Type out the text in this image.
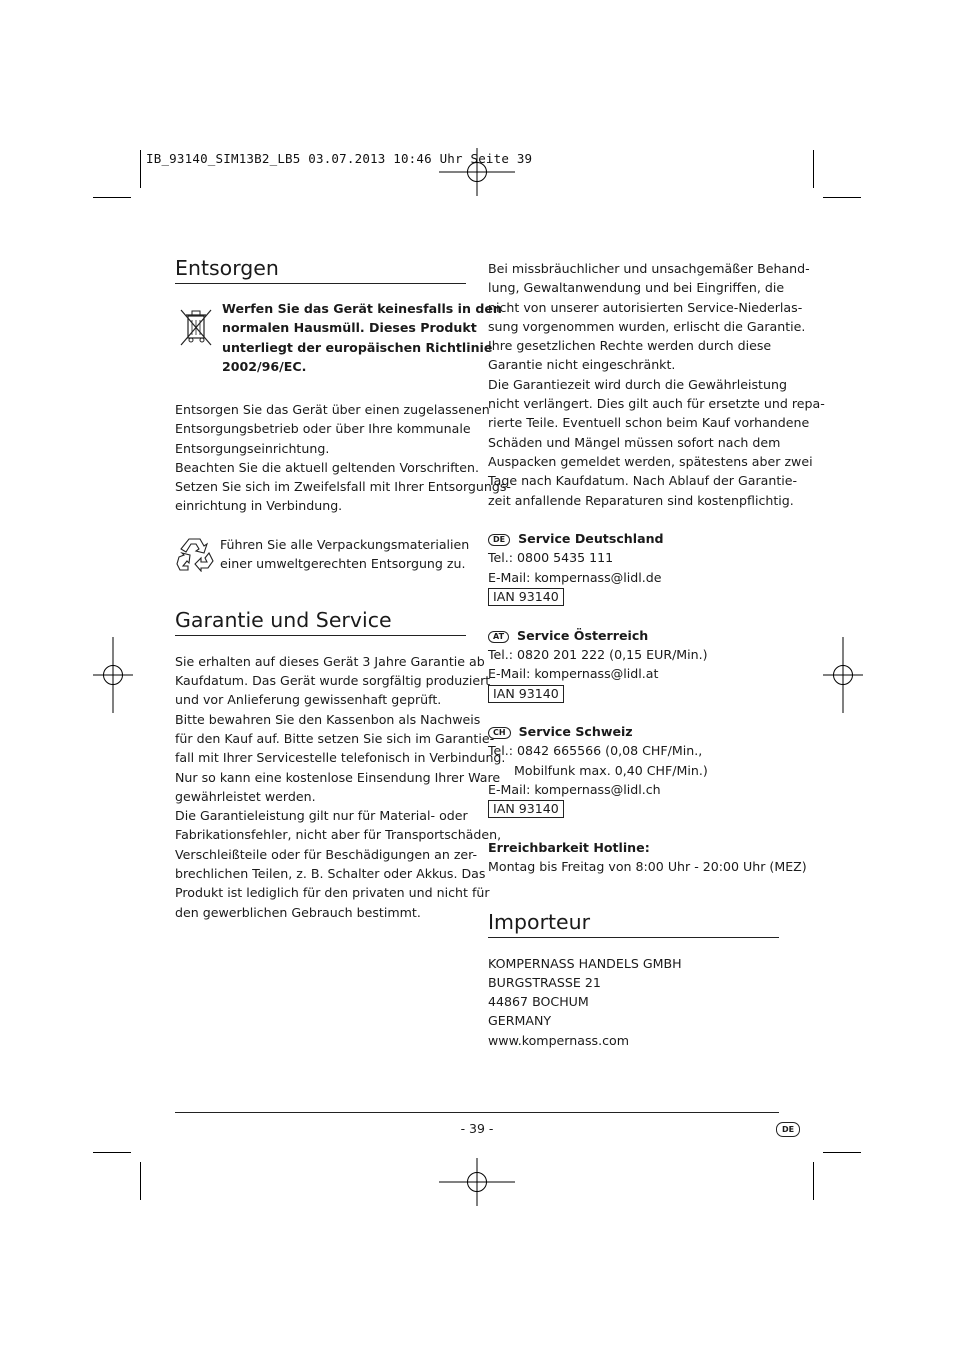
IB_93140_SIM13B2_LB5 03.07.2013 10:46 Uhr Seite 39
Entsorgen

Werfen Sie das Gerät keinesfalls in den

normalen Hausmüll. Dieses Produkt

unterliegt der europäischen Richtlinie

2002/96/EC.

Entsorgen Sie das Gerät über einen zugelassenen

Entsorgungsbetrieb oder über Ihre kommunale

Entsorgungseinrichtung.

Beachten Sie die aktuell geltenden Vorschriften.

Setzen Sie sich im Zweifelsfall mit Ihrer Entsorgungs-

einrichtung in Verbindung.

Führen Sie alle Verpackungsmaterialien

einer umweltgerechten Entsorgung zu.

Garantie und Service

Sie erhalten auf dieses Gerät 3 Jahre Garantie ab

Kaufdatum. Das Gerät wurde sorgfältig produziert

und vor Anlieferung gewissenhaft geprüft.

Bitte bewahren Sie den Kassenbon als Nachweis

für den Kauf auf. Bitte setzen Sie sich im Garantie-

fall mit Ihrer Servicestelle telefonisch in Verbindung.

Nur so kann eine kostenlose Einsendung Ihrer Ware

gewährleistet werden.

Die Garantieleistung gilt nur für Material- oder

Fabrikationsfehler, nicht aber für Transportschäden,

Verschleißteile oder für Beschädigungen an zer-

brechlichen Teilen, z. B. Schalter oder Akkus. Das

Produkt ist lediglich für den privaten und nicht für

den gewerblichen Gebrauch bestimmt.

Bei missbräuchlicher und unsachgemäßer Behand-

lung, Gewaltanwendung und bei Eingriffen, die

nicht von unserer autorisierten Service-Niederlas-

sung vorgenommen wurden, erlischt die Garantie.

Ihre gesetzlichen Rechte werden durch diese

Garantie nicht eingeschränkt.

Die Garantiezeit wird durch die Gewährleistung

nicht verlängert. Dies gilt auch für ersetzte und repa-

rierte Teile. Eventuell schon beim Kauf vorhandene

Schäden und Mängel müssen sofort nach dem

Auspacken gemeldet werden, spätestens aber zwei

Tage nach Kaufdatum. Nach Ablauf der Garantie-

zeit anfallende Reparaturen sind kostenpflichtig.

DE Service Deutschland

Tel.: 0800 5435 111

E-Mail: kompernass@lidl.de

IAN 93140

AT Service Österreich

Tel.: 0820 201 222 (0,15 EUR/Min.)

E-Mail: kompernass@lidl.at

IAN 93140

CH Service Schweiz

Tel.: 0842 665566 (0,08 CHF/Min.,

Mobilfunk max. 0,40 CHF/Min.)

E-Mail: kompernass@lidl.ch

IAN 93140

Erreichbarkeit Hotline:

Montag bis Freitag von 8:00 Uhr - 20:00 Uhr (MEZ)

Importeur

KOMPERNASS HANDELS GMBH

BURGSTRASSE 21

44867 BOCHUM

GERMANY

www.kompernass.com

- 39 -	DE
